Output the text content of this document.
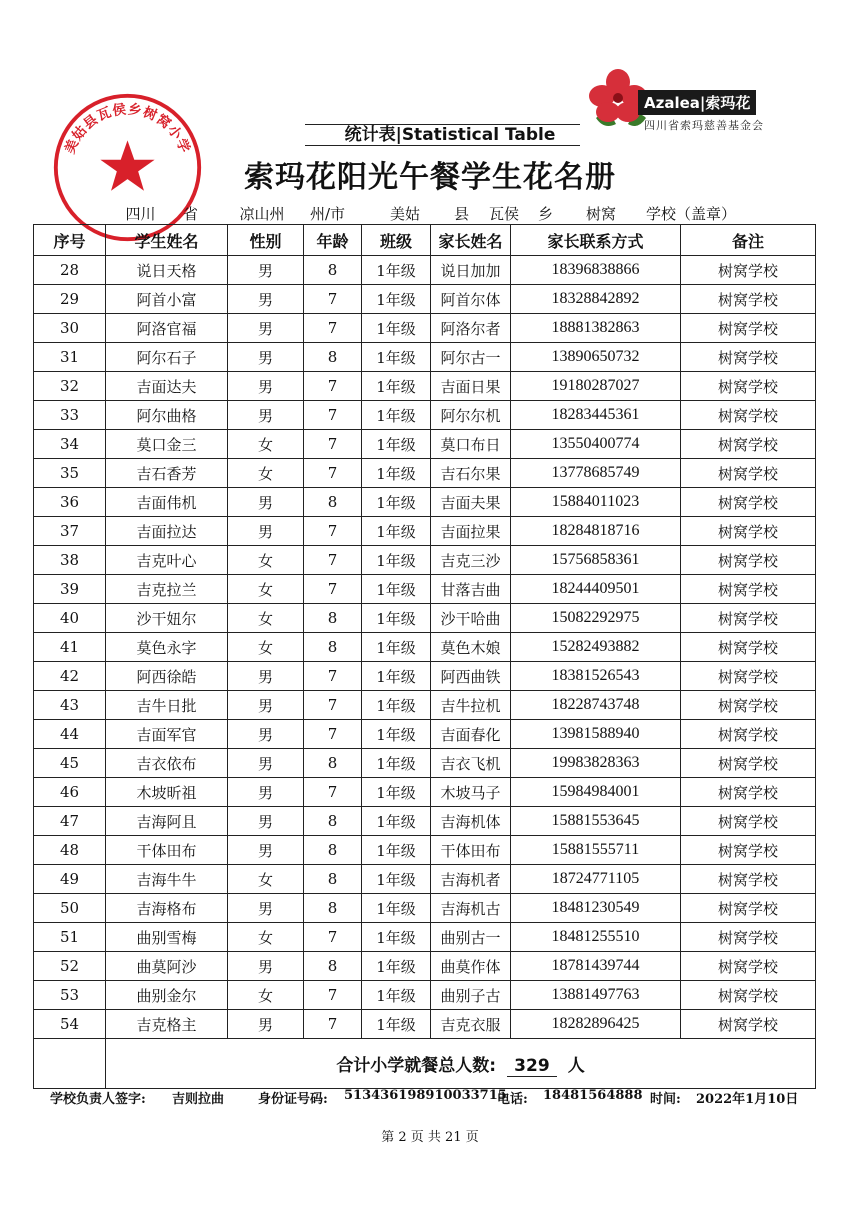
美姑县瓦侯乡树窝小学
Azalea|索玛花
四川省索玛慈善基金会
统计表|Statistical Table
索玛花阳光午餐学生花名册
四川	省	凉山州	州/市	美姑	县	瓦侯	乡	树窝	学校（盖章）
序号	学生姓名	性别	年龄	班级	家长姓名	家长联系方式	备注
28	说日天格	男	8	1年级	说日加加	18396838866	树窝学校
29	阿首小富	男	7	1年级	阿首尔体	18328842892	树窝学校
30	阿洛官福	男	7	1年级	阿洛尔者	18881382863	树窝学校
31	阿尔石子	男	8	1年级	阿尔古一	13890650732	树窝学校
32	吉面达夫	男	7	1年级	吉面日果	19180287027	树窝学校
33	阿尔曲格	男	7	1年级	阿尔尔机	18283445361	树窝学校
34	莫口金三	女	7	1年级	莫口布日	13550400774	树窝学校
35	吉石香芳	女	7	1年级	吉石尔果	13778685749	树窝学校
36	吉面伟机	男	8	1年级	吉面夫果	15884011023	树窝学校
37	吉面拉达	男	7	1年级	吉面拉果	18284818716	树窝学校
38	吉克叶心	女	7	1年级	吉克三沙	15756858361	树窝学校
39	吉克拉兰	女	7	1年级	甘落吉曲	18244409501	树窝学校
40	沙干妞尔	女	8	1年级	沙干哈曲	15082292975	树窝学校
41	莫色永字	女	8	1年级	莫色木娘	15282493882	树窝学校
42	阿西徐皓	男	7	1年级	阿西曲铁	18381526543	树窝学校
43	吉牛日批	男	7	1年级	吉牛拉机	18228743748	树窝学校
44	吉面军官	男	7	1年级	吉面春化	13981588940	树窝学校
45	吉衣依布	男	8	1年级	吉衣飞机	19983828363	树窝学校
46	木坡昕祖	男	7	1年级	木坡马子	15984984001	树窝学校
47	吉海阿且	男	8	1年级	吉海机体	15881553645	树窝学校
48	干体田布	男	8	1年级	干体田布	15881555711	树窝学校
49	吉海牛牛	女	8	1年级	吉海机者	18724771105	树窝学校
50	吉海格布	男	8	1年级	吉海机古	18481230549	树窝学校
51	曲别雪梅	女	7	1年级	曲别古一	18481255510	树窝学校
52	曲莫阿沙	男	8	1年级	曲莫作体	18781439744	树窝学校
53	曲别金尔	女	7	1年级	曲别子古	13881497763	树窝学校
54	吉克格主	男	7	1年级	吉克衣服	18282896425	树窝学校
	合计小学就餐总人数: 329 人						
学校负责人签字: 吉则拉曲	身份证号码: 513436198910033715
电话: 18481564888 时间: 2022年1月10日
第 2 页 共 21 页
